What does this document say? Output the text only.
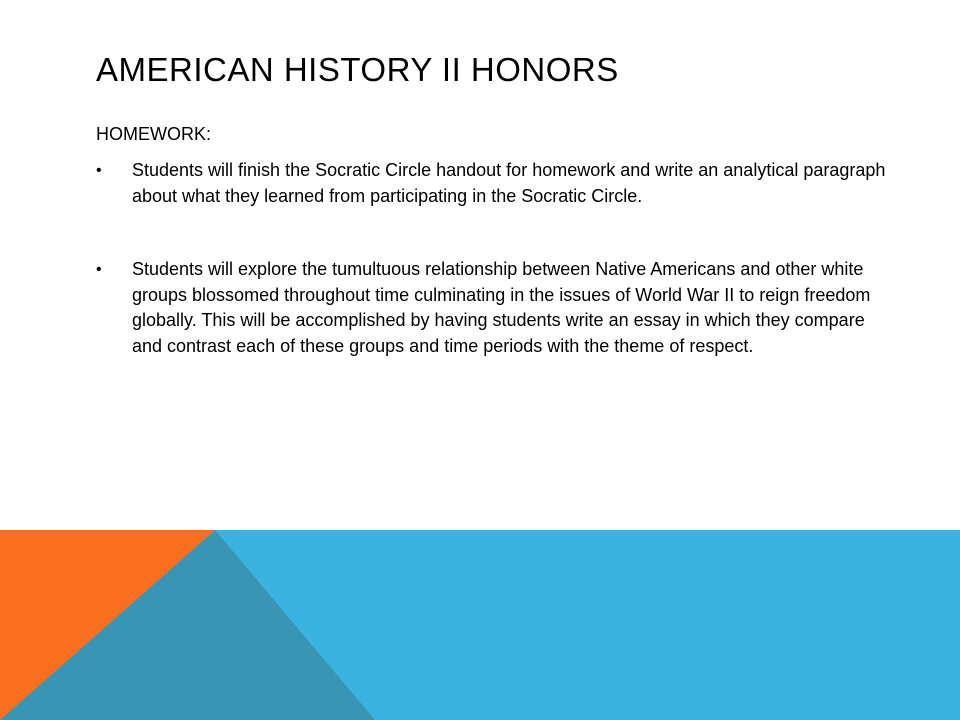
AMERICAN HISTORY II HONORS
HOMEWORK:
• Students will finish the Socratic Circle handout for homework and write an analytical paragraph about what they learned from participating in the Socratic Circle.
• Students will explore the tumultuous relationship between Native Americans and other white groups blossomed throughout time culminating in the issues of World War II to reign freedom globally. This will be accomplished by having students write an essay in which they compare and contrast each of these groups and time periods with the theme of respect.
